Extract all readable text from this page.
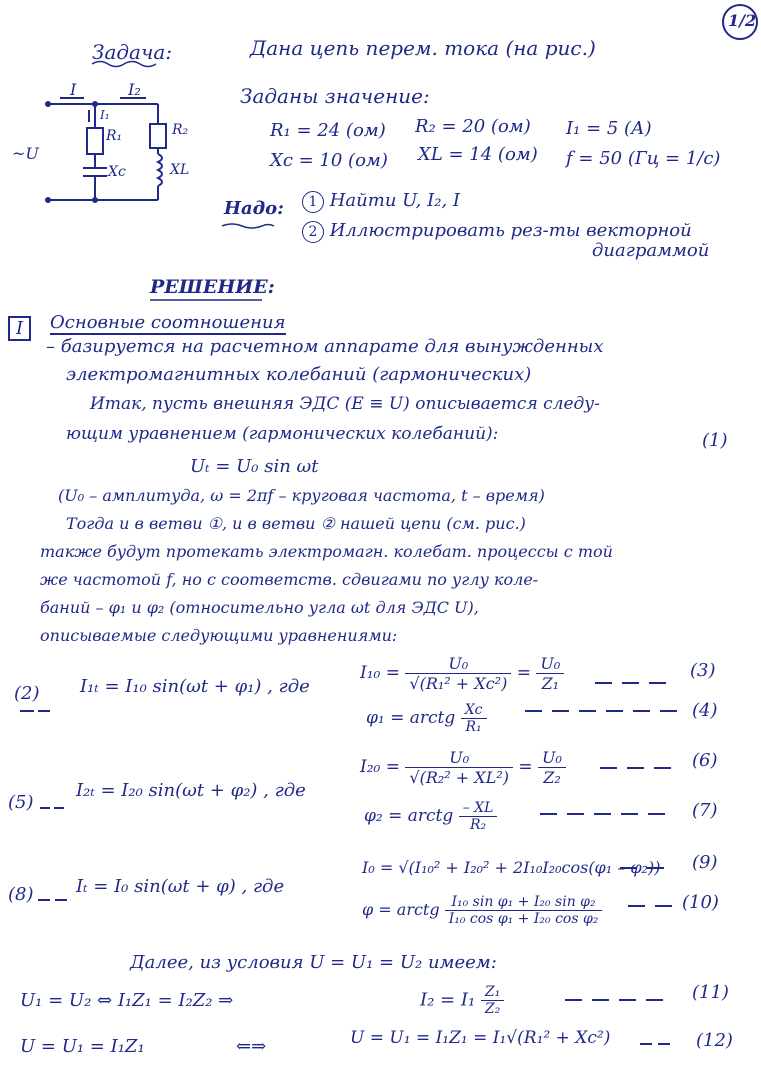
1/2
Задача:	Дана цепь перем. тока (на рис.)
Заданы значение:
R₁ = 24 (ом) R₂ = 20 (ом) I₁ = 5 (А)
Xc = 10 (ом) XL = 14 (ом) f = 50 (Гц = 1/c)
Надо:	1 Найти U, I₂, I
2 Иллюстрировать рез-ты векторной
диаграммой
I	I₂
I₁
R₁	R₂
Xc	XL
~U
РЕШЕНИЕ:
I	Основные соотношения
– базируется на расчетном аппарате для вынужденных
электромагнитных колебаний (гармонических)
Итак, пусть внешняя ЭДС (E ≡ U) описывается следу-
ющим уравнением (гармонических колебаний):	(1)
Uₜ = U₀ sin ωt
(U₀ – амплитуда, ω = 2πf – круговая частота, t – время)
Тогда и в ветви ①, и в ветви ② нашей цепи (см. рис.)
также будут протекать электромагн. колебат. процессы с той
же частотой f, но с соответств. сдвигами по углу коле-
баний – φ₁ и φ₂ (относительно угла ωt для ЭДС U),
описываемые следующими уравнениями:
(2) I₁ₜ = I₁₀ sin(ωt + φ₁) , где
$I_{10} = \frac{\text{U₀}}{\text{√(R₁² + Xc²)}} = \frac{\text{U₀}}{\text{Z₁}}$	(3)
φ₁ = arctg $\frac{Xc}{\text{R₁}}$	(4)
(5)
I₂ₜ = I₂₀ sin(ωt + φ₂) , где
$I_{20} = \frac{\text{U₀}}{\text{√(R₂² + XL²)}} = \frac{\text{U₀}}{\text{Z₂}}$	(6)
φ₂ = arctg $\frac{- XL}{\text{R₂}}$	(7)
(8) Iₜ = I₀ sin(ωt + φ) , где
I₀ = √(I₁₀² + I₂₀² + 2I₁₀I₂₀cos(φ₁ – φ₂)) (9)
φ = arctg $\frac{\text{I₁₀ sin φ₁ + I₂₀ sin φ₂}}{\text{I₁₀ cos φ₁ + I₂₀ cos φ₂}}$	(10)
Далее, из условия U = U₁ = U₂ имеем:
U₁ = U₂ ⇔ I₁Z₁ = I₂Z₂ ⇒	$I_2 = I_1 \frac{\text{Z₁}}{\text{Z₂}}$	(11)
U = U₁ = I₁Z₁	⇐⇒	U = U₁ = I₁Z₁ = I₁√(R₁² + Xc²)	(12)
